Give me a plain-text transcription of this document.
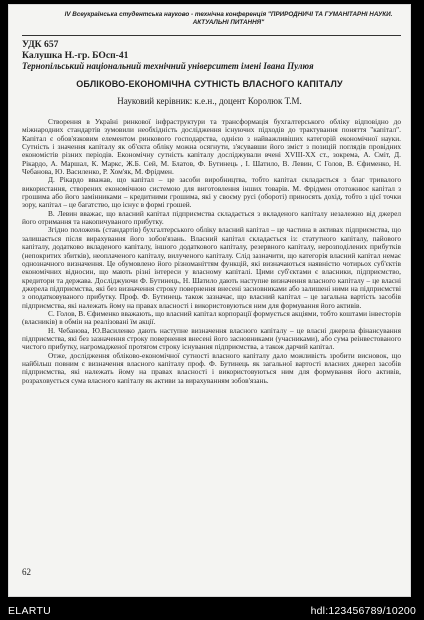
IV Всеукраїнська студентська науково - технічна конференція "ПРИРОДНИЧІ ТА ГУМАНІТАРНІ НАУКИ.
АКТУАЛЬНІ ПИТАННЯ"
УДК 657
Калушка Н.-гр. БОсп-41
Тернопільський національний технічний університет імені Івана Пулюя
ОБЛІКОВО-ЕКОНОМІЧНА СУТНІСТЬ ВЛАСНОГО КАПІТАЛУ
Науковий керівник: к.е.н., доцент Королюк Т.М.

Створення в Україні ринкової інфраструктури та трансформація бухгалтерського обліку відповідно до міжнародних стандартів зумовили необхідність дослідження існуючих підходів до трактування поняття "капітал". Капітал є обов'язковим елементом ринкового господарства, однією з найважливіших категорій економічної науки. Сутність і значення капіталу як об'єкта обліку можна осягнути, з'ясувавши його зміст з позицій поглядів провідних економістів різних періодів. Економічну сутність капіталу досліджували вчені XVIII-XX ст., зокрема, А. Сміт, Д. Рікардо, А. Маршал, К. Маркс, Ж.Б. Сей, М. Блатов, Ф. Бутинець , І. Шатило, В. Левин, С Голов, В. Єфименко, Н. Чебанова, Ю. Василенко, Р. Хом'як, М. Фрідмен.

Д. Рікардо вважав, що капітал – це засоби виробництва, тобто капітал складається з благ тривалого використання, створених економічною системою для виготовлення інших товарів. М. Фрідмен ототожнює капітал з грошима або його замінниками – кредитними грошима, які у своєму русі (обороті) приносять дохід, тобто з цієї точки зору, капітал – це багатство, що існує в формі грошей.

В. Левин вважає, що власний капітал підприємства складається з вкладеного капіталу незалежно від джерел його отримання та накопичуваного прибутку.

Згідно положень (стандартів) бухгалтерського обліку власний капітал – це частина в активах підприємства, що залишається після вирахування його зобов'язань. Власний капітал складається із: статутного капіталу, пайового капіталу, додатково вкладеного капіталу, іншого додаткового капіталу, резервного капіталу, нерозподілених прибутків (непокритих збитків), неоплаченого капіталу, вилученого капіталу. Слід зазначити, що категорія власний капітал немає однозначного визначення. Це обумовлено його різноманіттям функцій, які визначаються наявністю чотирьох суб'єктів економічних відносин, що мають різні інтереси у власному капіталі. Цими суб'єктами є власники, підприємство, кредитори та держава. Досліджуючи Ф. Бутинець, Н. Шатило дають наступне визначення власного капіталу – це власні джерела підприємства, які без визначення строку повернення внесені засновниками або залишені ними на підприємстві з оподатковуваного прибутку. Проф. Ф. Бутинець також зазначає, що власний капітал – це загальна вартість засобів підприємства, які належать йому на правах власності і використовуються ним для формування його активів.

С. Голов, В. Єфименко вважають, що власний капітал корпорації формується акціями, тобто коштами інвесторів (власників) в обмін на реалізовані їм акції.

Н. Чебанова, Ю.Василенко дають наступне визначення власного капіталу – це власні джерела фінансування підприємства, які без зазначення строку повернення внесені його засновниками (учасниками), або сума реінвестованого чистого прибутку, нагромадженої протягом строку існування підприємства, а також дарчий капітал.

Отже, дослідження обліково-економічної сутності власного капіталу дало можливість зробити висновок, що найбільш повним є визначення власного капіталу проф. Ф. Бутинець як загальної вартості власних джерел засобів підприємства, які належать йому на правах власності і використовуються ним для формування його активів, розраховується сума власного капіталу як активи за вирахуванням зобов'язань.

62
ELARTU	hdl:123456789/10200
